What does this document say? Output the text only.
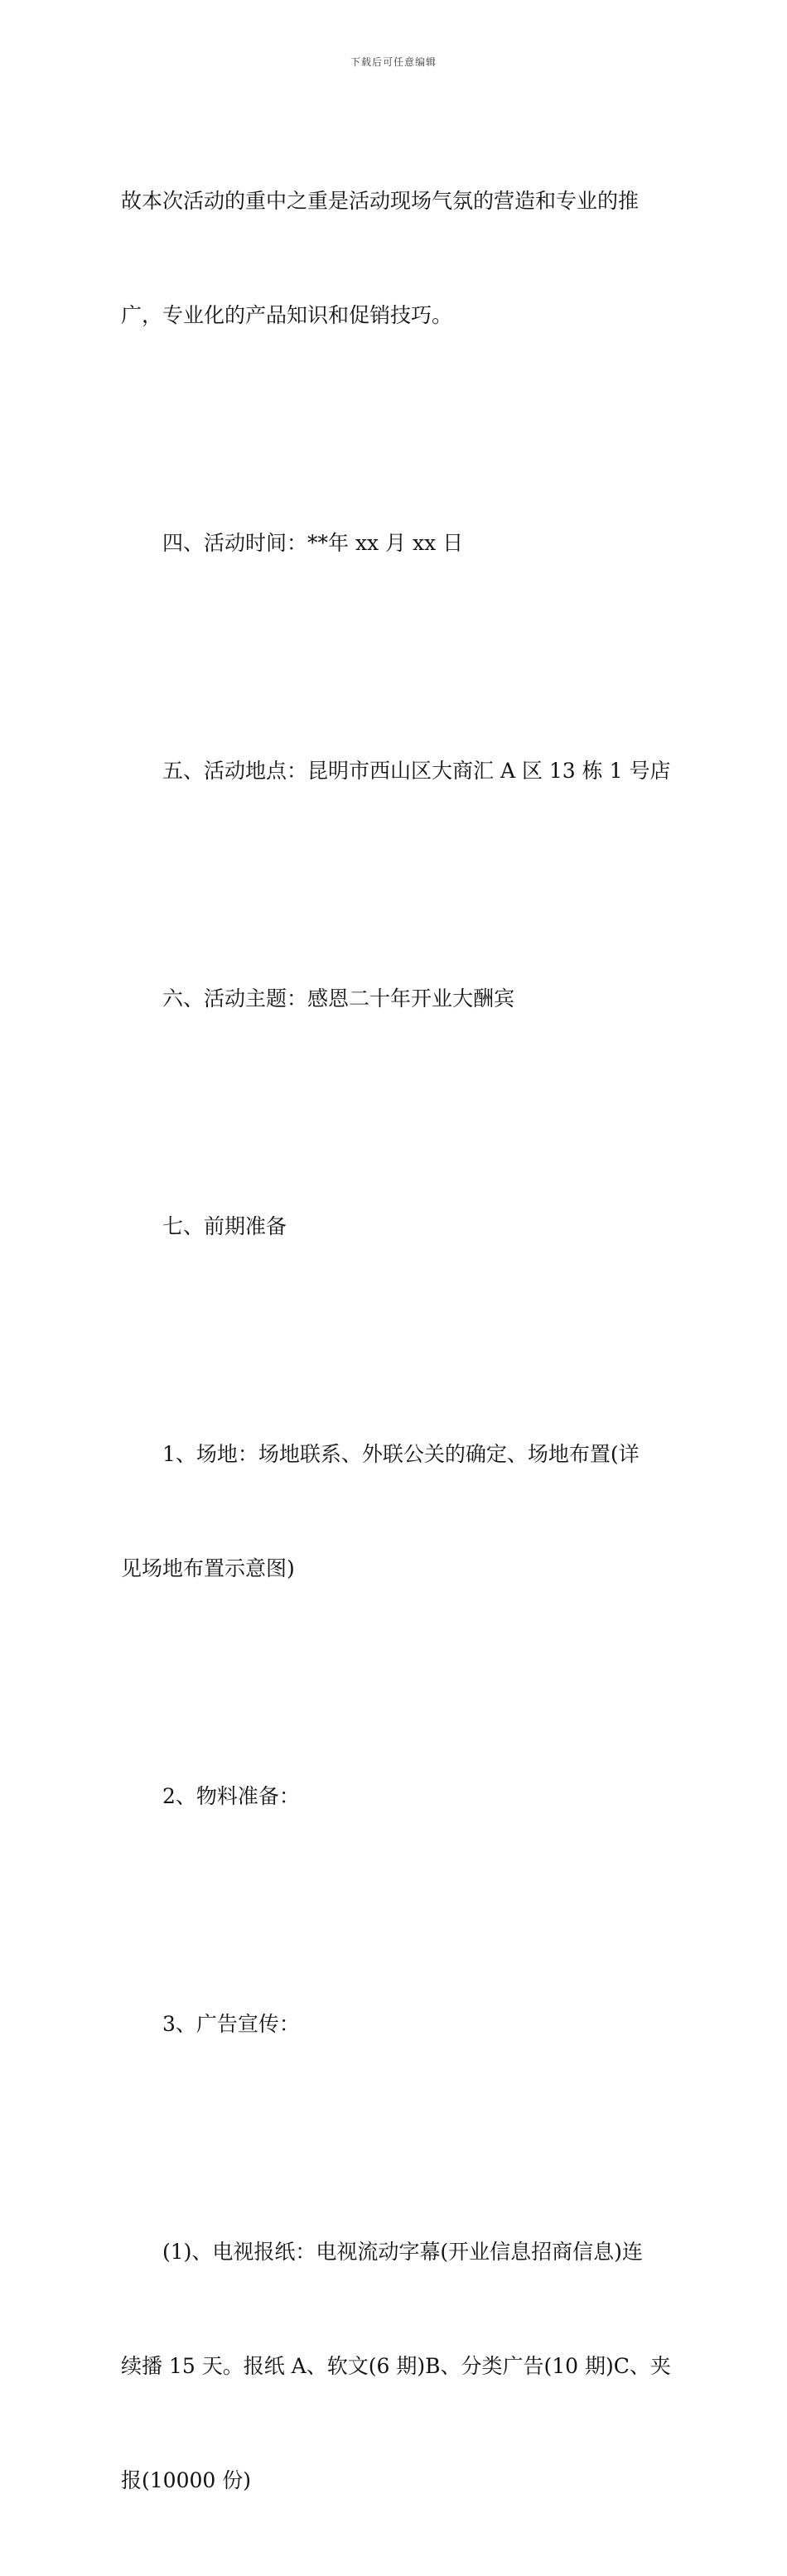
下载后可任意编辑

故本次活动的重中之重是活动现场气氛的营造和专业的推

广，专业化的产品知识和促销技巧。

四、活动时间：**年 xx 月 xx 日

五、活动地点：昆明市西山区大商汇 A 区 13 栋 1 号店

六、活动主题：感恩二十年开业大酬宾

七、前期准备

1、场地：场地联系、外联公关的确定、场地布置(详

见场地布置示意图)

2、物料准备：

3、广告宣传：

(1)、电视报纸：电视流动字幕(开业信息招商信息)连

续播 15 天。报纸 A、软文(6 期)B、分类广告(10 期)C、夹

报(10000 份)
